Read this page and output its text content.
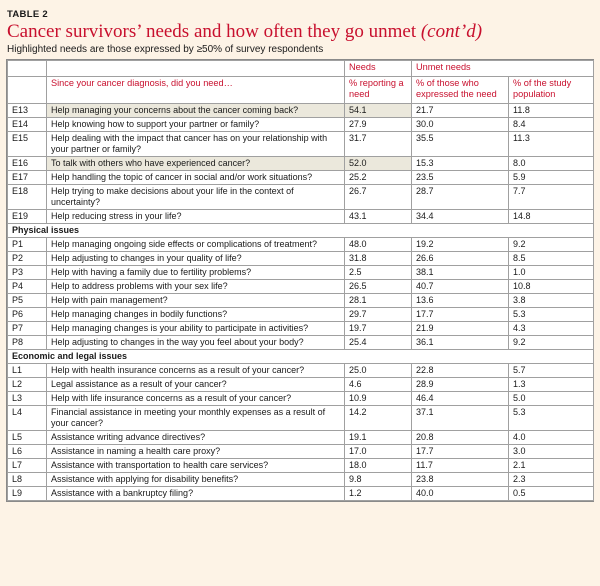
TABLE 2
Cancer survivors’ needs and how often they go unmet (cont’d)
Highlighted needs are those expressed by ≥50% of survey respondents
		Needs	Unmet needs	
	Since your cancer diagnosis, did you need…	% reporting a need	% of those who expressed the need	% of the study population
E13	Help managing your concerns about the cancer coming back?	54.1	21.7	11.8
E14	Help knowing how to support your partner or family?	27.9	30.0	8.4
E15	Help dealing with the impact that cancer has on your relationship with your partner or family?	31.7	35.5	11.3
E16	To talk with others who have experienced cancer?	52.0	15.3	8.0
E17	Help handling the topic of cancer in social and/or work situations?	25.2	23.5	5.9
E18	Help trying to make decisions about your life in the context of uncertainty?	26.7	28.7	7.7
E19	Help reducing stress in your life?	43.1	34.4	14.8
Physical issues				
P1	Help managing ongoing side effects or complications of treatment?	48.0	19.2	9.2
P2	Help adjusting to changes in your quality of life?	31.8	26.6	8.5
P3	Help with having a family due to fertility problems?	2.5	38.1	1.0
P4	Help to address problems with your sex life?	26.5	40.7	10.8
P5	Help with pain management?	28.1	13.6	3.8
P6	Help managing changes in bodily functions?	29.7	17.7	5.3
P7	Help managing changes is your ability to participate in activities?	19.7	21.9	4.3
P8	Help adjusting to changes in the way you feel about your body?	25.4	36.1	9.2
Economic and legal issues				
L1	Help with health insurance concerns as a result of your cancer?	25.0	22.8	5.7
L2	Legal assistance as a result of your cancer?	4.6	28.9	1.3
L3	Help with life insurance concerns as a result of your cancer?	10.9	46.4	5.0
L4	Financial assistance in meeting your monthly expenses as a result of your cancer?	14.2	37.1	5.3
L5	Assistance writing advance directives?	19.1	20.8	4.0
L6	Assistance in naming a health care proxy?	17.0	17.7	3.0
L7	Assistance with transportation to health care services?	18.0	11.7	2.1
L8	Assistance with applying for disability benefits?	9.8	23.8	2.3
L9	Assistance with a bankruptcy filing?	1.2	40.0	0.5
